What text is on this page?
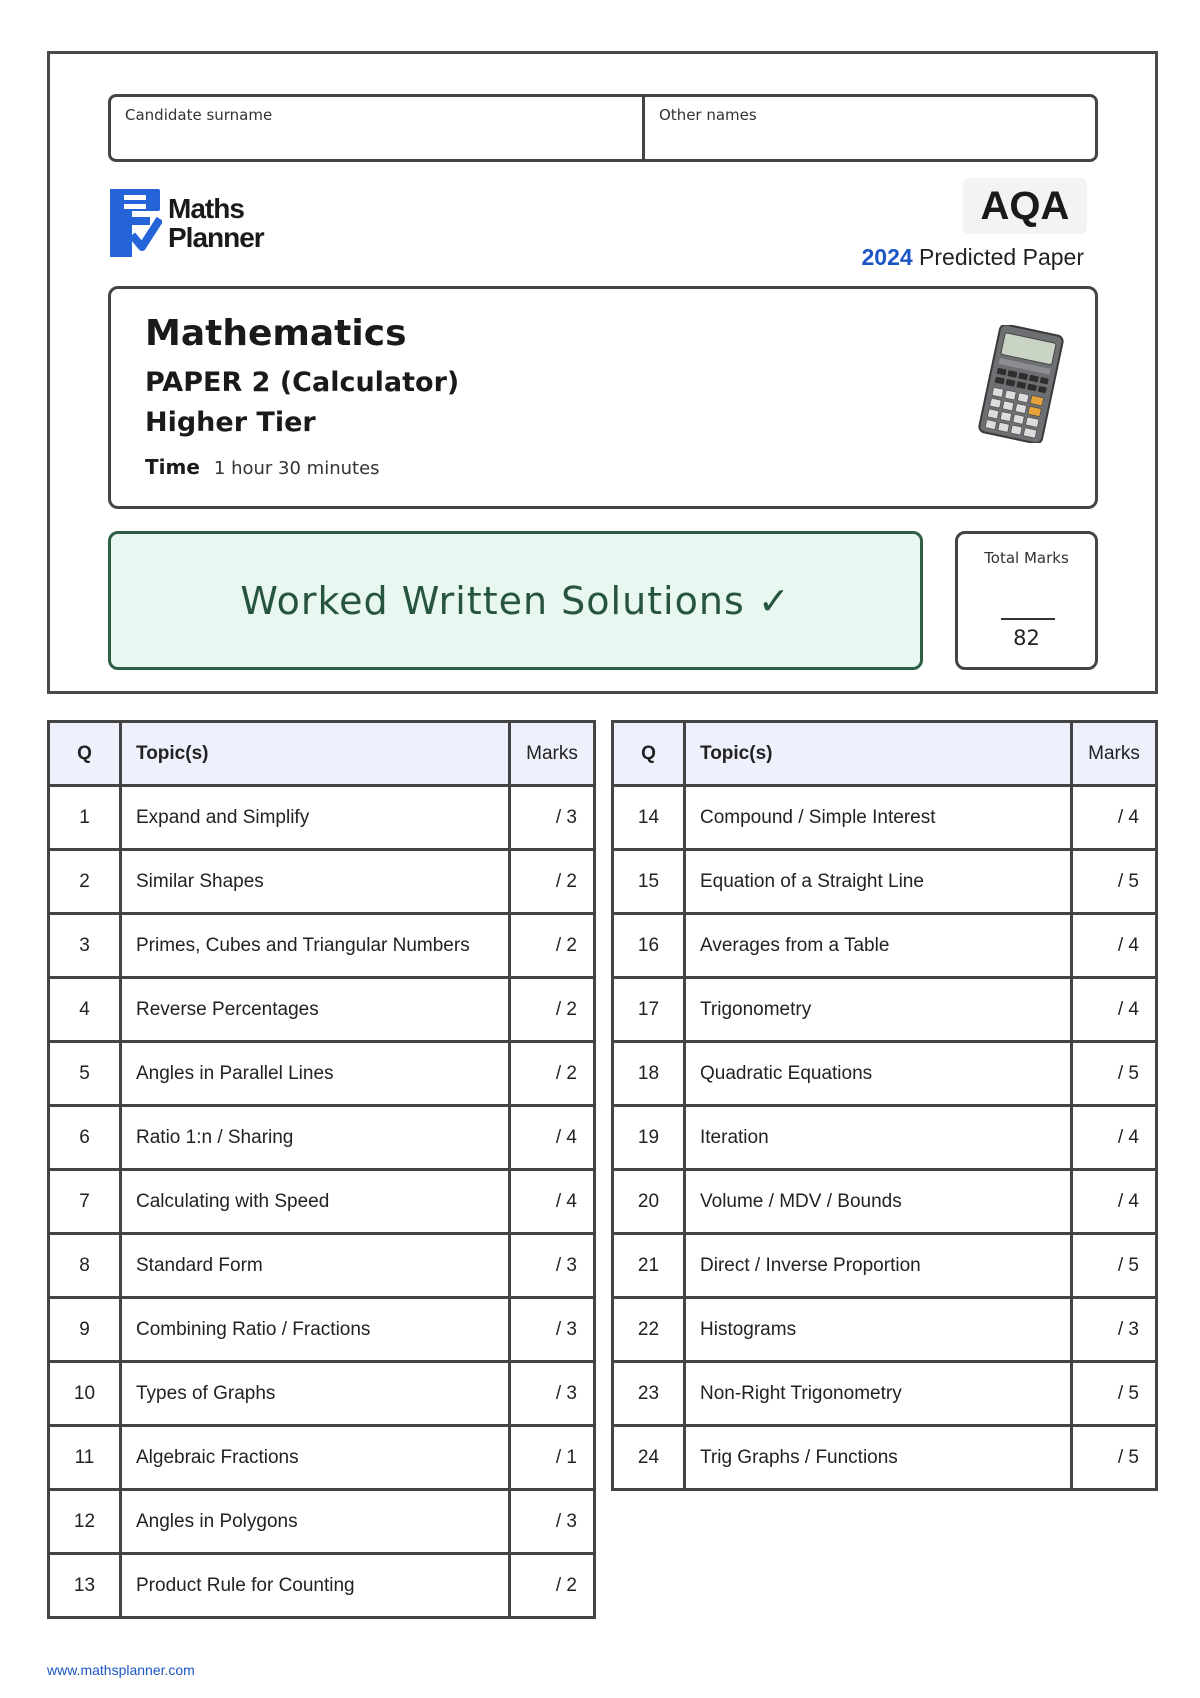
Candidate surname	Other names
Maths
Planner
AQA
2024 Predicted Paper
Mathematics
PAPER 2 (Calculator)
Higher Tier
Time 1 hour 30 minutes
Worked Written Solutions ✓
Total Marks
82
Q	Topic(s)	Marks
1	Expand and Simplify	/ 3
2	Similar Shapes	/ 2
3	Primes, Cubes and Triangular Numbers	/ 2
4	Reverse Percentages	/ 2
5	Angles in Parallel Lines	/ 2
6	Ratio 1:n / Sharing	/ 4
7	Calculating with Speed	/ 4
8	Standard Form	/ 3
9	Combining Ratio / Fractions	/ 3
10	Types of Graphs	/ 3
11	Algebraic Fractions	/ 1
12	Angles in Polygons	/ 3
13	Product Rule for Counting	/ 2
Q	Topic(s)	Marks
14	Compound / Simple Interest	/ 4
15	Equation of a Straight Line	/ 5
16	Averages from a Table	/ 4
17	Trigonometry	/ 4
18	Quadratic Equations	/ 5
19	Iteration	/ 4
20	Volume / MDV / Bounds	/ 4
21	Direct / Inverse Proportion	/ 5
22	Histograms	/ 3
23	Non-Right Trigonometry	/ 5
24	Trig Graphs / Functions	/ 5
www.mathsplanner.com
